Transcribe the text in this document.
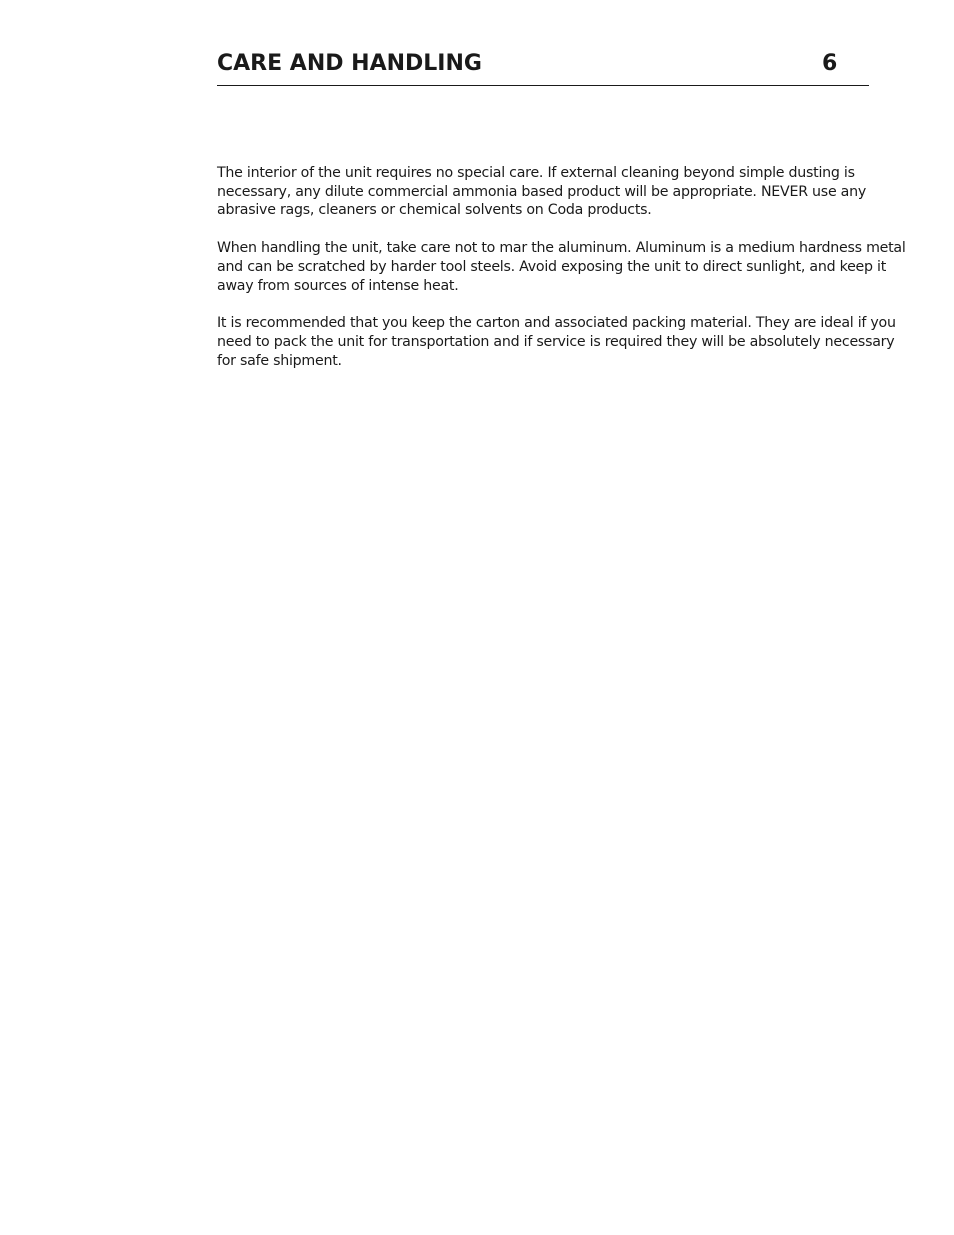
CARE AND HANDLING	6

The interior of the unit requires no special care. If external cleaning beyond simple dusting is necessary, any dilute commercial ammonia based product will be appropriate. NEVER use any abrasive rags, cleaners or chemical solvents on Coda products.

When handling the unit, take care not to mar the aluminum. Aluminum is a medium hardness metal and can be scratched by harder tool steels. Avoid exposing the unit to direct sunlight, and keep it away from sources of intense heat.

It is recommended that you keep the carton and associated packing material. They are ideal if you need to pack the unit for transportation and if service is required they will be absolutely necessary for safe shipment.
